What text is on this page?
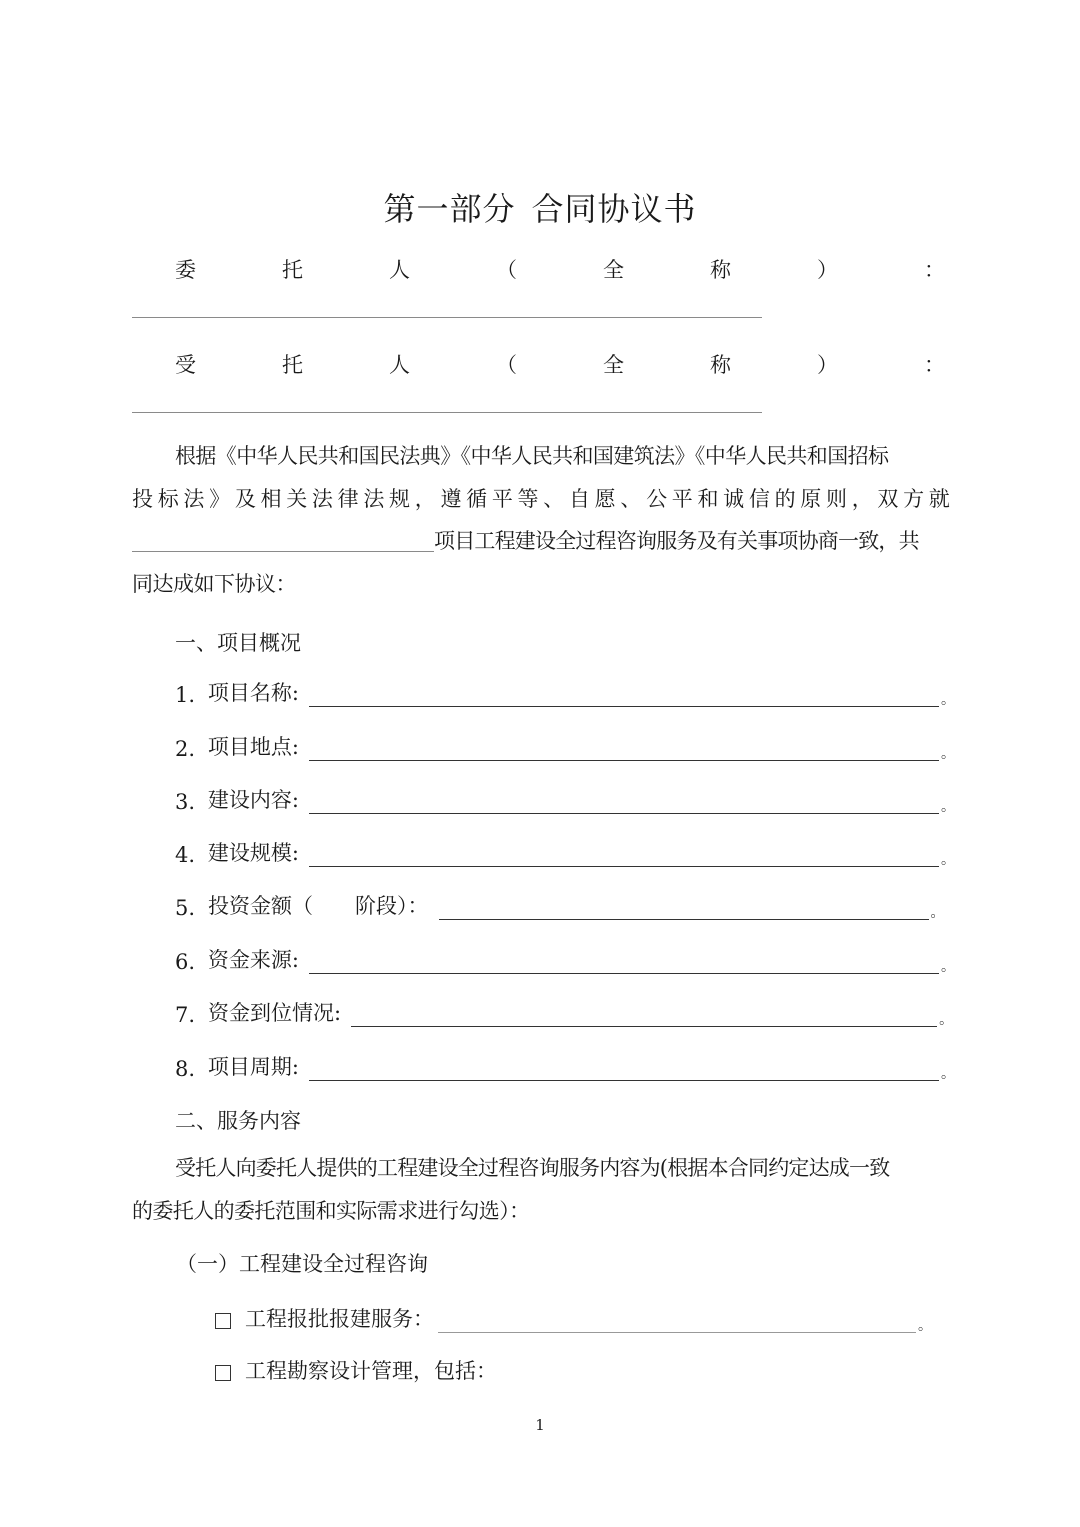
第一部分 合同协议书
委	托	人	（	全	称	）	：
受	托	人	（	全	称	）	：
根据《中华人民共和国民法典》《中华人民共和国建筑法》《中华人民共和国招标
投 标 法 》 及 相 关 法 律 法 规 ， 遵 循 平 等 、 自 愿 、 公 平 和 诚 信 的 原 则 ， 双 方 就
项目工程建设全过程咨询服务及有关事项协商一致，共
同达成如下协议：
一、项目概况
1. 项目名称:	。
2. 项目地点:	。
3. 建设内容:	。
4. 建设规模:	。
5. 投资金额（　　阶段）：	。
6. 资金来源:	。
7. 资金到位情况:	。
8. 项目周期:	。
二、服务内容
受托人向委托人提供的工程建设全过程咨询服务内容为(根据本合同约定达成一致
的委托人的委托范围和实际需求进行勾选）：
（一）工程建设全过程咨询
工程报批报建服务：	。
工程勘察设计管理，包括：
1
